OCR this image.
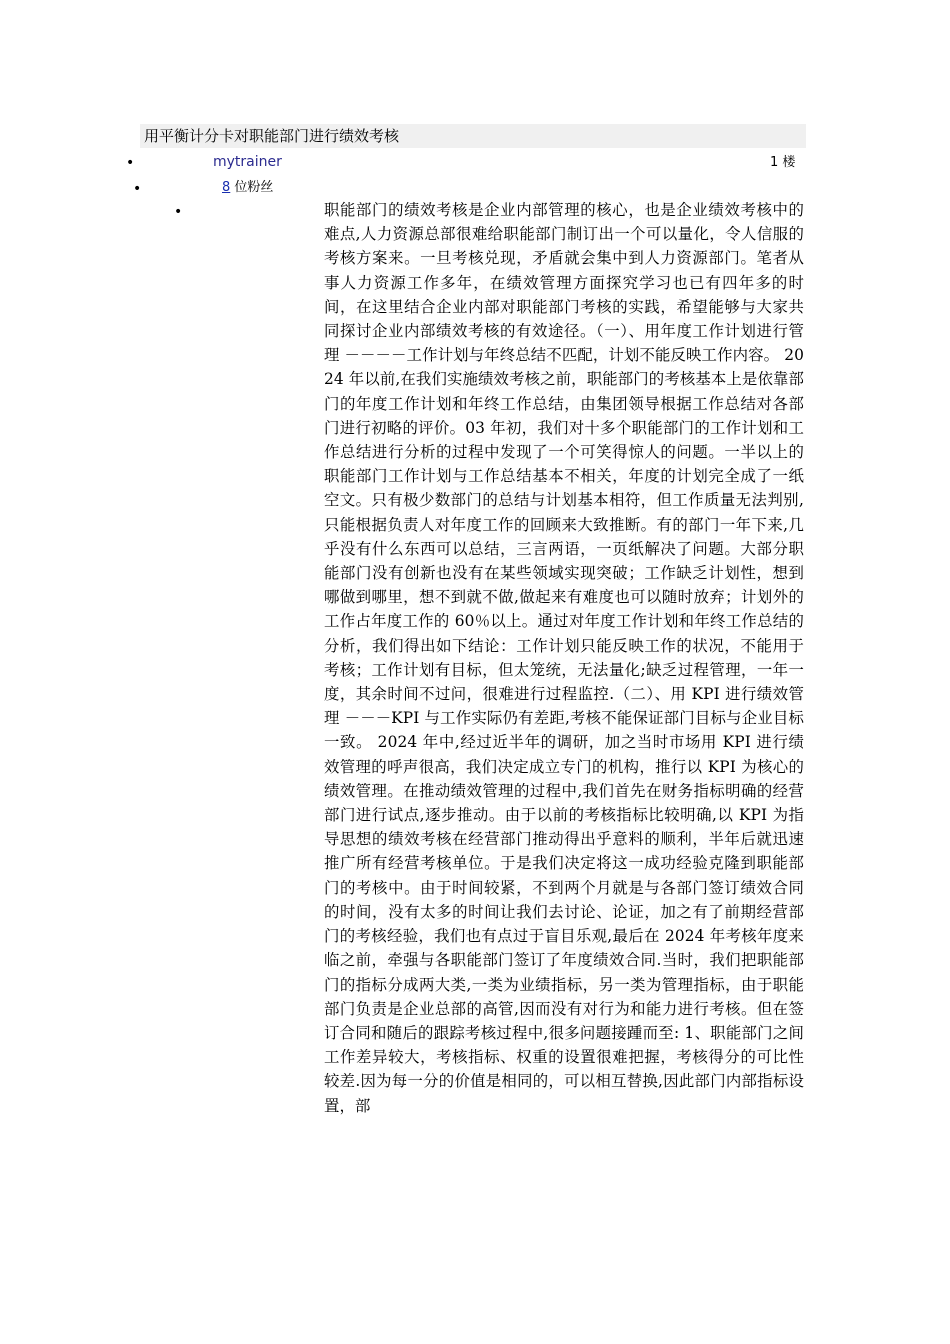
用平衡计分卡对职能部门进行绩效考核
•	mytrainer	1 楼
•	8 位粉丝
•	职能部门的绩效考核是企业内部管理的核心，也是企业绩效考核中的难点,人力资源总部很难给职能部门制订出一个可以量化，令人信服的考核方案来。一旦考核兑现，矛盾就会集中到人力资源部门。笔者从事人力资源工作多年，在绩效管理方面探究学习也已有四年多的时间，在这里结合企业内部对职能部门考核的实践，希望能够与大家共同探讨企业内部绩效考核的有效途径。（一）、用年度工作计划进行管理 －－－－工作计划与年终总结不匹配，计划不能反映工作内容。 2024 年以前,在我们实施绩效考核之前，职能部门的考核基本上是依靠部门的年度工作计划和年终工作总结，由集团领导根据工作总结对各部门进行初略的评价。03 年初，我们对十多个职能部门的工作计划和工作总结进行分析的过程中发现了一个可笑得惊人的问题。一半以上的职能部门工作计划与工作总结基本不相关，年度的计划完全成了一纸空文。只有极少数部门的总结与计划基本相符，但工作质量无法判别,只能根据负责人对年度工作的回顾来大致推断。有的部门一年下来,几乎没有什么东西可以总结，三言两语，一页纸解决了问题。大部分职能部门没有创新也没有在某些领域实现突破；工作缺乏计划性，想到哪做到哪里，想不到就不做,做起来有难度也可以随时放弃；计划外的工作占年度工作的 60％以上。通过对年度工作计划和年终工作总结的分析，我们得出如下结论：工作计划只能反映工作的状况，不能用于考核；工作计划有目标，但太笼统，无法量化;缺乏过程管理，一年一度，其余时间不过问，很难进行过程监控.（二）、用 KPI 进行绩效管理 －－－KPI 与工作实际仍有差距,考核不能保证部门目标与企业目标一致。 2024 年中,经过近半年的调研，加之当时市场用 KPI 进行绩效管理的呼声很高，我们决定成立专门的机构，推行以 KPI 为核心的绩效管理。在推动绩效管理的过程中,我们首先在财务指标明确的经营部门进行试点,逐步推动。由于以前的考核指标比较明确,以 KPI 为指导思想的绩效考核在经营部门推动得出乎意料的顺利，半年后就迅速推广所有经营考核单位。于是我们决定将这一成功经验克隆到职能部门的考核中。由于时间较紧，不到两个月就是与各部门签订绩效合同的时间，没有太多的时间让我们去讨论、论证，加之有了前期经营部门的考核经验，我们也有点过于盲目乐观,最后在 2024 年考核年度来临之前，牵强与各职能部门签订了年度绩效合同.当时，我们把职能部门的指标分成两大类,一类为业绩指标，另一类为管理指标，由于职能部门负责是企业总部的高管,因而没有对行为和能力进行考核。但在签订合同和随后的跟踪考核过程中,很多问题接踵而至: 1、职能部门之间工作差异较大，考核指标、权重的设置很难把握，考核得分的可比性较差.因为每一分的价值是相同的，可以相互替换,因此部门内部指标设置，部
